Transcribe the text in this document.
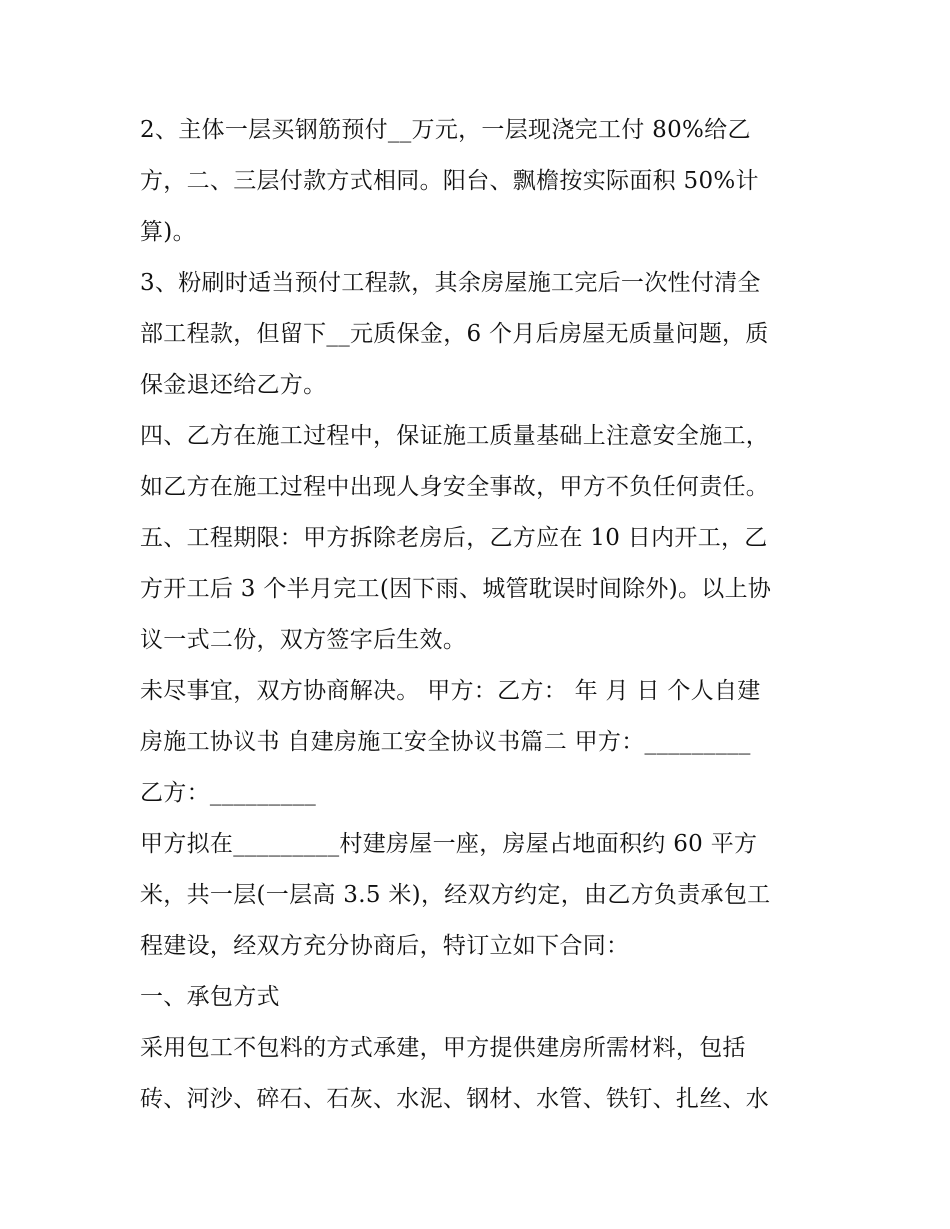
2、主体一层买钢筋预付__万元，一层现浇完工付 80%给乙
方，二、三层付款方式相同。阳台、飘檐按实际面积 50%计
算)。
3、粉刷时适当预付工程款，其余房屋施工完后一次性付清全
部工程款，但留下__元质保金，6 个月后房屋无质量问题，质
保金退还给乙方。
四、乙方在施工过程中，保证施工质量基础上注意安全施工，
如乙方在施工过程中出现人身安全事故，甲方不负任何责任。
五、工程期限：甲方拆除老房后，乙方应在 10 日内开工，乙
方开工后 3 个半月完工(因下雨、城管耽误时间除外)。以上协
议一式二份，双方签字后生效。
未尽事宜，双方协商解决。 甲方：乙方： 年 月 日 个人自建
房施工协议书 自建房施工安全协议书篇二 甲方：_________
乙方：_________
甲方拟在_________村建房屋一座，房屋占地面积约 60 平方
米，共一层(一层高 3.5 米)，经双方约定，由乙方负责承包工
程建设，经双方充分协商后，特订立如下合同：
一、承包方式
采用包工不包料的方式承建，甲方提供建房所需材料，包括
砖、河沙、碎石、石灰、水泥、钢材、水管、铁钉、扎丝、水
